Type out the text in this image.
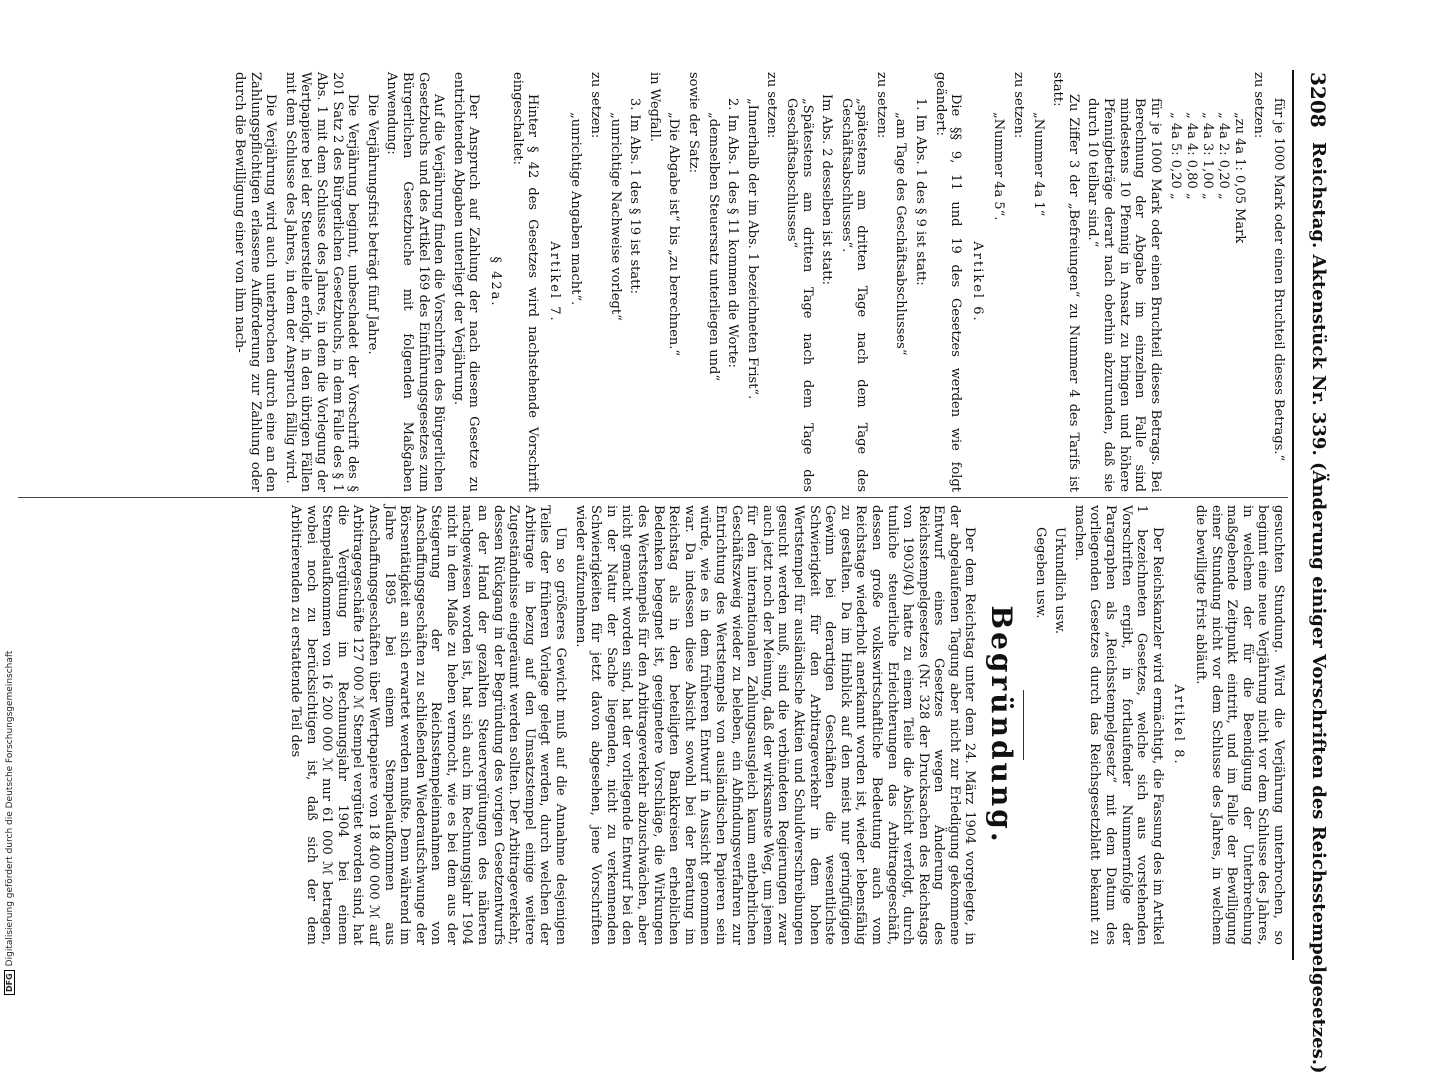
3208
Reichstag. Aktenstück Nr. 339. (Änderung einiger Vorschriften des Reichsstempelgesetzes.)

für je 1000 Mark oder einen Bruchteil dieses Betrags.“

zu setzen:

„zu 4a 1: 0,05 Mark
„ 4a 2: 0,20 „
„ 4a 3: 1,00 „
„ 4a 4: 0,80 „
„ 4a 5: 0,20 „

für je 1000 Mark oder einen Bruchteil dieses Betrags. Bei Berechnung der Abgabe im einzelnen Falle sind mindestens 10 Pfennig in Ansatz zu bringen und höhere Pfennigbeträge derart nach oberhin abzurunden, daß sie durch 10 teilbar sind.“

Zu Ziffer 3 der „Befreiungen“ zu Nummer 4 des Tarifs ist statt:

„Nummer 4a 1“

zu setzen:

„Nummer 4a 5“.

Artikel 6.

Die §§ 9, 11 und 19 des Gesetzes werden wie folgt geändert:

1. Im Abs. 1 des § 9 ist statt:

„am Tage des Geschäftsabschlusses“

zu setzen:

„spätestens am dritten Tage nach dem Tage des Geschäftsabschlusses“.

Im Abs. 2 desselben ist statt:

„Spätestens am dritten Tage nach dem Tage des Geschäftsabschlusses“

zu setzen:

„Innerhalb der im Abs. 1 bezeichneten Frist“.

2. Im Abs. 1 des § 11 kommen die Worte:

„demselben Steuersatz unterliegen und“

sowie der Satz:

„Die Abgabe ist“ bis „zu berechnen.“

in Wegfall.

3. Im Abs. 1 des § 19 ist statt:

„unrichtige Nachweise vorlegt“

zu setzen:

„unrichtige Angaben macht“.

Artikel 7.

Hinter § 42 des Gesetzes wird nachstehende Vorschrift eingeschaltet:

§ 42a.

Der Anspruch auf Zahlung der nach diesem Gesetze zu entrichtenden Abgaben unterliegt der Verjährung.

Auf die Verjährung finden die Vorschriften des Bürgerlichen Gesetzbuchs und des Artikel 169 des Einführungsgesetzes zum Bürgerlichen Gesetzbuche mit folgenden Maßgaben Anwendung:

Die Verjährungsfrist beträgt fünf Jahre.

Die Verjährung beginnt, unbeschadet der Vorschrift des § 201 Satz 2 des Bürgerlichen Gesetzbuchs, in dem Falle des § 1 Abs. 1 mit dem Schlusse des Jahres, in dem die Vorlegung der Wertpapiere bei der Steuerstelle erfolgt, in den übrigen Fällen mit dem Schlusse des Jahres, in dem der Anspruch fällig wird.

Die Verjährung wird auch unterbrochen durch eine an den Zahlungspflichtigen erlassene Aufforderung zur Zahlung oder durch die Bewilligung einer von ihm nach-

gesuchten Stundung. Wird die Verjährung unterbrochen, so beginnt eine neue Verjährung nicht vor dem Schlusse des Jahres, in welchem der für die Beendigung der Unterbrechung maßgebende Zeitpunkt eintritt, und im Falle der Bewilligung einer Stundung nicht vor dem Schlusse des Jahres, in welchem die bewilligte Frist abläuft.

Artikel 8.

Der Reichskanzler wird ermächtigt, die Fassung des im Artikel 1 bezeichneten Gesetzes, welche sich aus vorstehenden Vorschriften ergibt, in fortlaufender Nummernfolge der Paragraphen als „Reichsstempelgesetz“ mit dem Datum des vorliegenden Gesetzes durch das Reichsgesetzblatt bekannt zu machen.

Urkundlich usw.

Gegeben usw.

Begründung.

Der dem Reichstag unter dem 24. März 1904 vorgelegte, in der abgelaufenen Tagung aber nicht zur Erledigung gekommene Entwurf eines Gesetzes wegen Änderung des Reichsstempelgesetzes (Nr. 328 der Drucksachen des Reichstags von 1903/04) hatte zu einem Teile die Absicht verfolgt, durch tunliche steuerliche Erleichterungen das Arbitragegeschäft, dessen große volkswirtschaftliche Bedeutung auch vom Reichstage wiederholt anerkannt worden ist, wieder lebensfähig zu gestalten. Da im Hinblick auf den meist nur geringfügigen Gewinn bei derartigen Geschäften die wesentlichste Schwierigkeit für den Arbitrageverkehr in dem hohen Wertstempel für ausländische Aktien und Schuldverschreibungen gesucht werden muß, sind die verbündeten Regierungen zwar auch jetzt noch der Meinung, daß der wirksamste Weg, um jenem für den internationalen Zahlungsausgleich kaum entbehrlichen Geschäftszweig wieder zu beleben, ein Abfindungsverfahren zur Entrichtung des Wertstempels von ausländischen Papieren sein würde, wie es in dem früheren Entwurf in Aussicht genommen war. Da indessen diese Absicht sowohl bei der Beratung im Reichstag als in den beteiligten Bankkreisen erheblichen Bedenken begegnet ist, geeignetere Vorschläge, die Wirkungen des Wertstempels für den Arbitrageverkehr abzuschwächen, aber nicht gemacht worden sind, hat der vorliegende Entwurf bei den in der Natur der Sache liegenden, nicht zu verkennenden Schwierigkeiten für jetzt davon abgesehen, jene Vorschriften wieder aufzunehmen.

Um so größeres Gewicht muß auf die Annahme desjenigen Teiles der früheren Vorlage gelegt werden, durch welchen der Arbitrage in bezug auf den Umsatzstempel einige weitere Zugeständnisse eingeräumt werden sollten. Der Arbitrageverkehr, dessen Rückgang in der Begründung des vorigen Gesetzentwurfs an der Hand der gezahlten Steuervergütungen des näheren nachgewiesen worden ist, hat sich auch im Rechnungsjahr 1904 nicht in dem Maße zu heben vermocht, wie es bei dem aus der Steigerung der Reichsstempeleinnahmen von Anschaffungsgeschäften zu schließenden Wiederaufschwunge der Börsentätigkeit an sich erwartet werden mußte. Denn während im Jahre 1895 bei einem Stempelaufkommen aus Anschaffungsgeschäften über Wertpapiere von 18 400 000 ℳ auf Arbitragegeschäfte 127 000 ℳ Stempel vergütet worden sind, hat die Vergütung im Rechnungsjahr 1904 bei einem Stempelaufkommen von 16 200 000 ℳ nur 61 000 ℳ betragen, wobei noch zu berücksichtigen ist, daß sich der dem Arbitrierenden zu erstattende Teil des

DFGDigitalisierung gefördert durch die Deutsche Forschungsgemeinschaft
